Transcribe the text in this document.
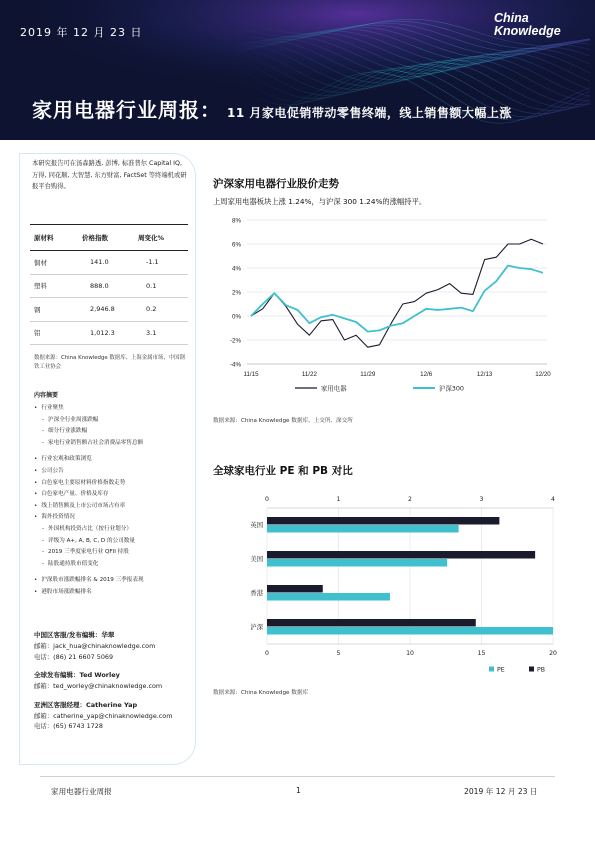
2019 年 12 月 23 日
China
Knowledge
家用电器行业周报： 11 月家电促销带动零售终端，线上销售额大幅上涨
本研究报告可在汤森路透, 彭博, 标准普尔 Capital IQ, 万得, 同花顺, 大智慧, 东方财富, FactSet 等终端机或研报平台购得。
原材料	价格指数	周变化%
铜材	141.0	-1.1
塑料	888.0	0.1
钢	2,946.8	0.2
铝	1,012.3	3.1
数据来源：China Knowledge 数据库、上海金属市场、中国钢铁工业协会
内容摘要
• 行业聚焦
- 沪深全行业周涨跌幅
- 细分行业涨跌幅
- 家电行业销售额占社会消费品零售总额
• 行业宏观和政策浏览
• 公司公告
• 白色家电主要原材料价格指数走势
• 白色家电产量、价格及库存
• 线上销售额及上市公司市场占有率
• 海外投资情况
- 外国机构投资占比（按行业划分）
- 评级为 A+, A, B, C, D 的公司数量
- 2019 三季度家电行业 QFII 持股
- 陆股通持股市值变化
• 沪深股市涨跌幅排名 & 2019 三季报表现
• 港股市场涨跌幅排名
中国区客服/发布编辑：华翠
邮箱：jack_hua@chinaknowledge.com
电话：(86) 21 6607 5069
全球发布编辑：Ted Worley
邮箱：ted_worley@chinaknowledge.com
亚洲区客服经理：Catherine Yap
邮箱：catherine_yap@chinaknowledge.com
电话：(65) 6743 1728
沪深家用电器行业股价走势
上周家用电器板块上涨 1.24%，与沪深 300 1.24%的涨幅持平。
-4%
-2%
0%
2%
4%
6%
8%
11/15	11/22	11/29	12/6	12/13	12/20
家用电器	沪深300
数据来源：China Knowledge 数据库、上交所、深交所
全球家电行业 PE 和 PB 对比
0	5	10	15	20
0	1	2	3	4
英国
美国
香港
沪深
PE	PB
数据来源：China Knowledge 数据库
家用电器行业周报	1	2019 年 12 月 23 日
